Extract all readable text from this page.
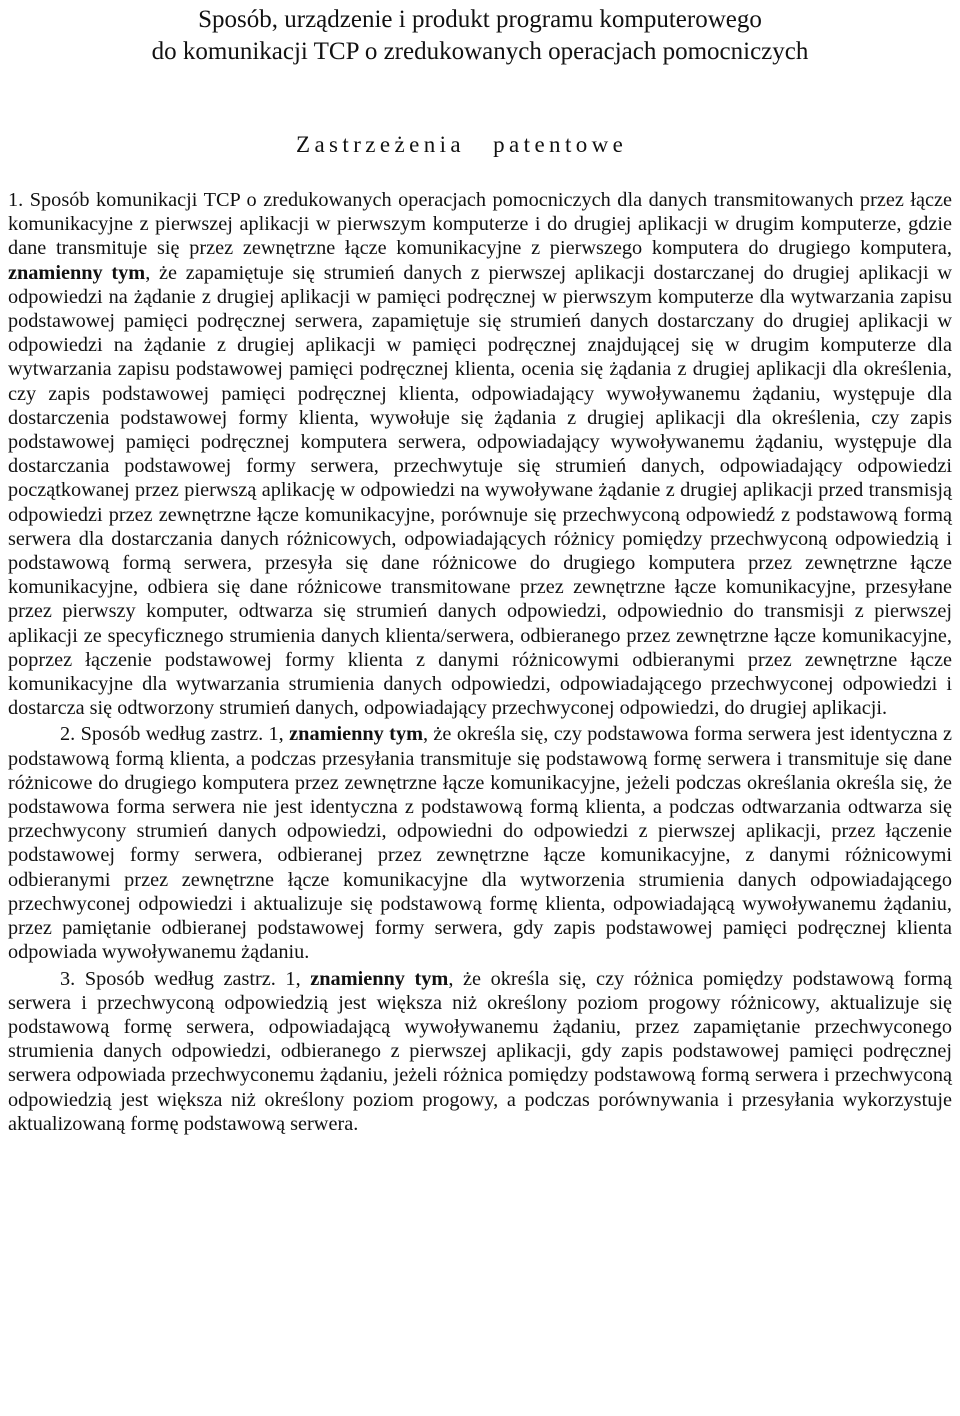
Sposób, urządzenie i produkt programu komputerowego
do komunikacji TCP o zredukowanych operacjach pomocniczych
Zastrzeżenia patentowe

1. Sposób komunikacji TCP o zredukowanych operacjach pomocniczych dla danych transmitowanych przez łącze komunikacyjne z pierwszej aplikacji w pierwszym komputerze i do drugiej aplikacji w drugim komputerze, gdzie dane transmituje się przez zewnętrzne łącze komunikacyjne z pierwszego komputera do drugiego komputera, znamienny tym, że zapamiętuje się strumień danych z pierwszej aplikacji dostarczanej do drugiej aplikacji w odpowiedzi na żądanie z drugiej aplikacji w pamięci podręcznej w pierwszym komputerze dla wytwarzania zapisu podstawowej pamięci podręcznej serwera, zapamiętuje się strumień danych dostarczany do drugiej aplikacji w odpowiedzi na żądanie z drugiej aplikacji w pamięci podręcznej znajdującej się w drugim komputerze dla wytwarzania zapisu podstawowej pamięci podręcznej klienta, ocenia się żądania z drugiej aplikacji dla określenia, czy zapis podstawowej pamięci podręcznej klienta, odpowiadający wywoływanemu żądaniu, występuje dla dostarczenia podstawowej formy klienta, wywołuje się żądania z drugiej aplikacji dla określenia, czy zapis podstawowej pamięci podręcznej komputera serwera, odpowiadający wywoływanemu żądaniu, występuje dla dostarczania podstawowej formy serwera, przechwytuje się strumień danych, odpowiadający odpowiedzi początkowanej przez pierwszą aplikację w odpowiedzi na wywoływane żądanie z drugiej aplikacji przed transmisją odpowiedzi przez zewnętrzne łącze komunikacyjne, porównuje się przechwyconą odpowiedź z podstawową formą serwera dla dostarczania danych różnicowych, odpowiadających różnicy pomiędzy przechwyconą odpowiedzią i podstawową formą serwera, przesyła się dane różnicowe do drugiego komputera przez zewnętrzne łącze komunikacyjne, odbiera się dane różnicowe transmitowane przez zewnętrzne łącze komunikacyjne, przesyłane przez pierwszy komputer, odtwarza się strumień danych odpowiedzi, odpowiednio do transmisji z pierwszej aplikacji ze specyficznego strumienia danych klienta/serwera, odbieranego przez zewnętrzne łącze komunikacyjne, poprzez łączenie podstawowej formy klienta z danymi różnicowymi odbieranymi przez zewnętrzne łącze komunikacyjne dla wytwarzania strumienia danych odpowiedzi, odpowiadającego przechwyconej odpowiedzi i dostarcza się odtworzony strumień danych, odpowiadający przechwyconej odpowiedzi, do drugiej aplikacji.

2. Sposób według zastrz. 1, znamienny tym, że określa się, czy podstawowa forma serwera jest identyczna z podstawową formą klienta, a podczas przesyłania transmituje się podstawową formę serwera i transmituje się dane różnicowe do drugiego komputera przez zewnętrzne łącze komunikacyjne, jeżeli podczas określania określa się, że podstawowa forma serwera nie jest identyczna z podstawową formą klienta, a podczas odtwarzania odtwarza się przechwycony strumień danych odpowiedzi, odpowiedni do odpowiedzi z pierwszej aplikacji, przez łączenie podstawowej formy serwera, odbieranej przez zewnętrzne łącze komunikacyjne, z danymi różnicowymi odbieranymi przez zewnętrzne łącze komunikacyjne dla wytworzenia strumienia danych odpowiadającego przechwyconej odpowiedzi i aktualizuje się podstawową formę klienta, odpowiadającą wywoływanemu żądaniu, przez pamiętanie odbieranej podstawowej formy serwera, gdy zapis podstawowej pamięci podręcznej klienta odpowiada wywoływanemu żądaniu.

3. Sposób według zastrz. 1, znamienny tym, że określa się, czy różnica pomiędzy podstawową formą serwera i przechwyconą odpowiedzią jest większa niż określony poziom progowy różnicowy, aktualizuje się podstawową formę serwera, odpowiadającą wywoływanemu żądaniu, przez zapamiętanie przechwyconego strumienia danych odpowiedzi, odbieranego z pierwszej aplikacji, gdy zapis podstawowej pamięci podręcznej serwera odpowiada przechwyconemu żądaniu, jeżeli różnica pomiędzy podstawową formą serwera i przechwyconą odpowiedzią jest większa niż określony poziom progowy, a podczas porównywania i przesyłania wykorzystuje aktualizowaną formę podstawową serwera.
